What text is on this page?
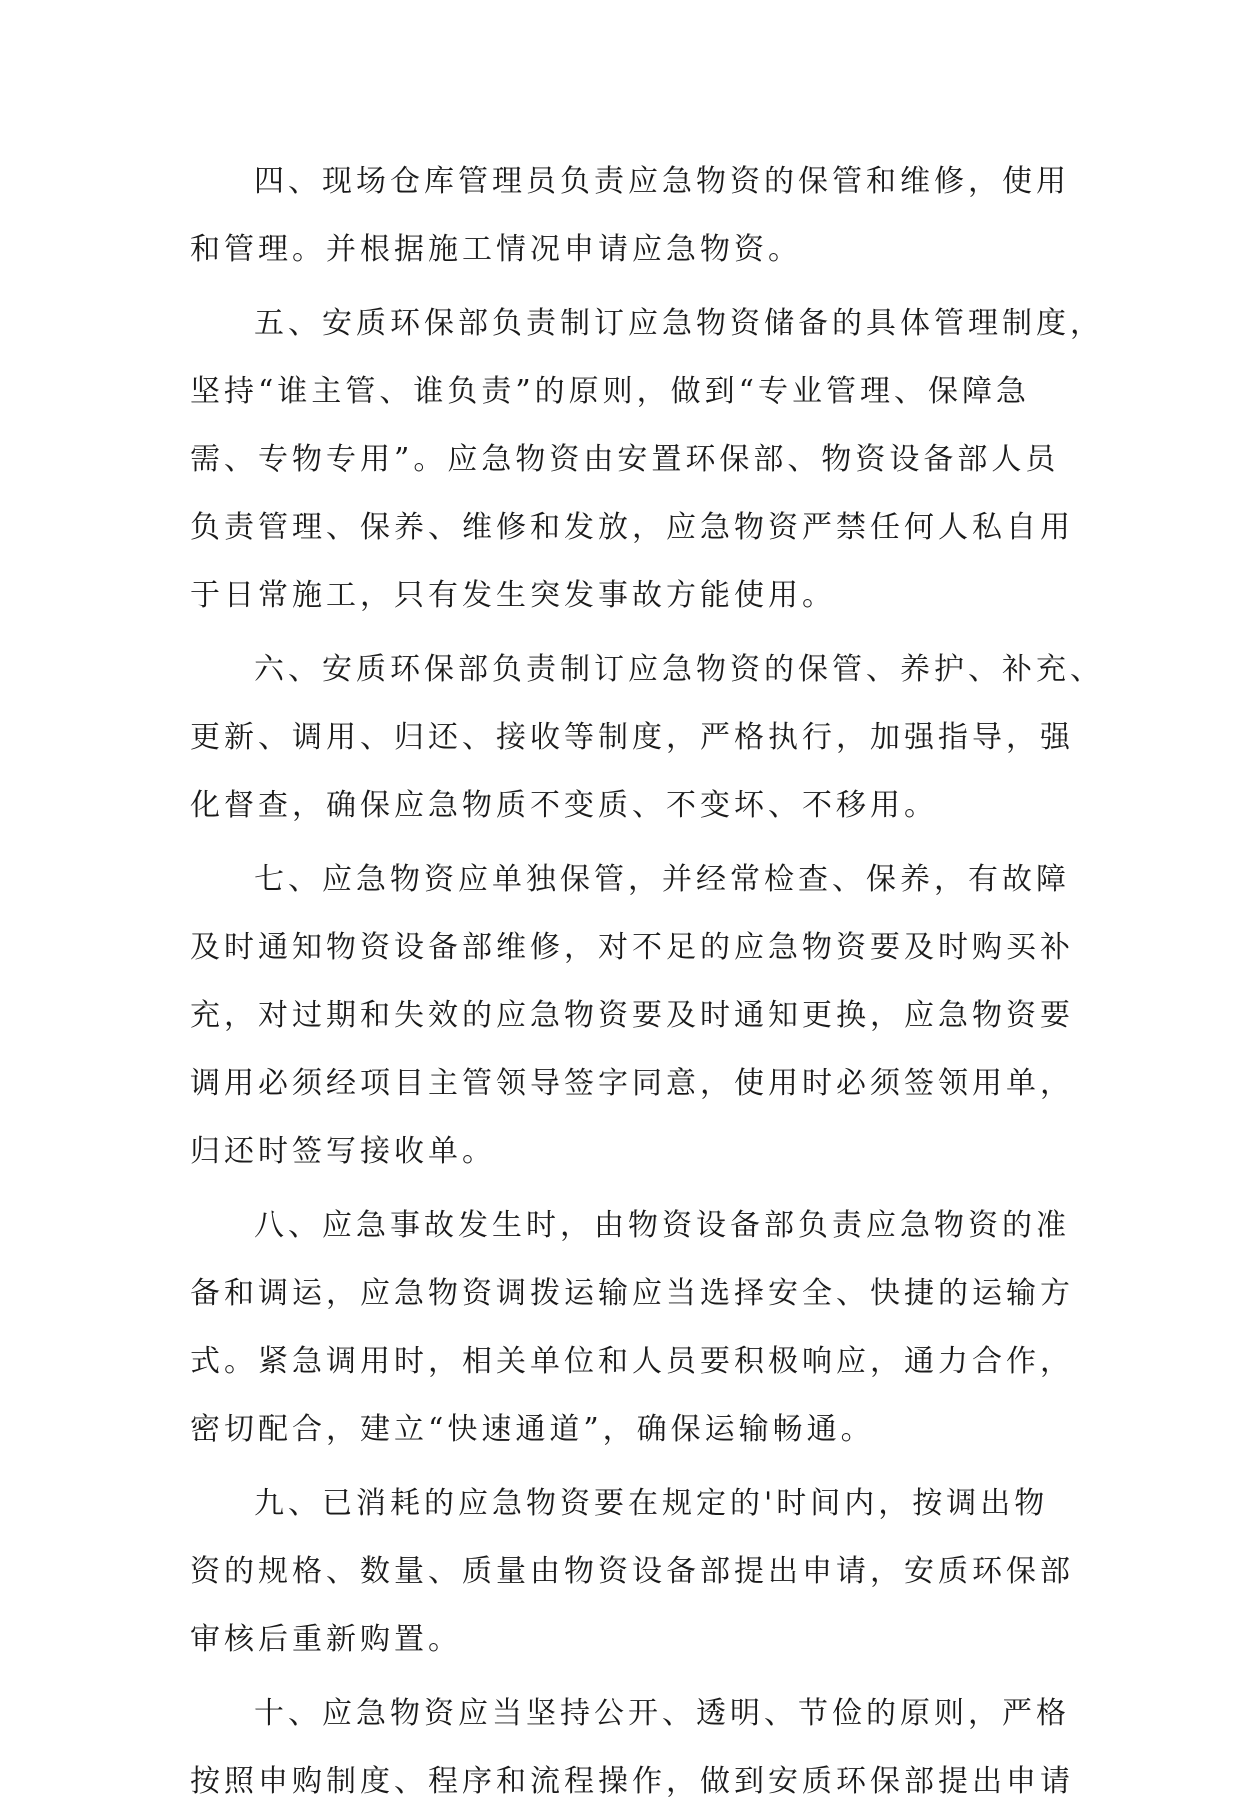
四、现场仓库管理员负责应急物资的保管和维修，使用
和管理。并根据施工情况申请应急物资。
五、安质环保部负责制订应急物资储备的具体管理制度，
坚持“谁主管、谁负责”的原则，做到“专业管理、保障急
需、专物专用”。应急物资由安置环保部、物资设备部人员
负责管理、保养、维修和发放，应急物资严禁任何人私自用
于日常施工，只有发生突发事故方能使用。
六、安质环保部负责制订应急物资的保管、养护、补充、
更新、调用、归还、接收等制度，严格执行，加强指导，强
化督查，确保应急物质不变质、不变坏、不移用。
七、应急物资应单独保管，并经常检查、保养，有故障
及时通知物资设备部维修，对不足的应急物资要及时购买补
充，对过期和失效的应急物资要及时通知更换，应急物资要
调用必须经项目主管领导签字同意，使用时必须签领用单，
归还时签写接收单。
八、应急事故发生时，由物资设备部负责应急物资的准
备和调运，应急物资调拨运输应当选择安全、快捷的运输方
式。紧急调用时，相关单位和人员要积极响应，通力合作，
密切配合，建立“快速通道”，确保运输畅通。
九、已消耗的应急物资要在规定的'时间内，按调出物
资的规格、数量、质量由物资设备部提出申请，安质环保部
审核后重新购置。
十、应急物资应当坚持公开、透明、节俭的原则，严格
按照申购制度、程序和流程操作，做到安质环保部提出申请
